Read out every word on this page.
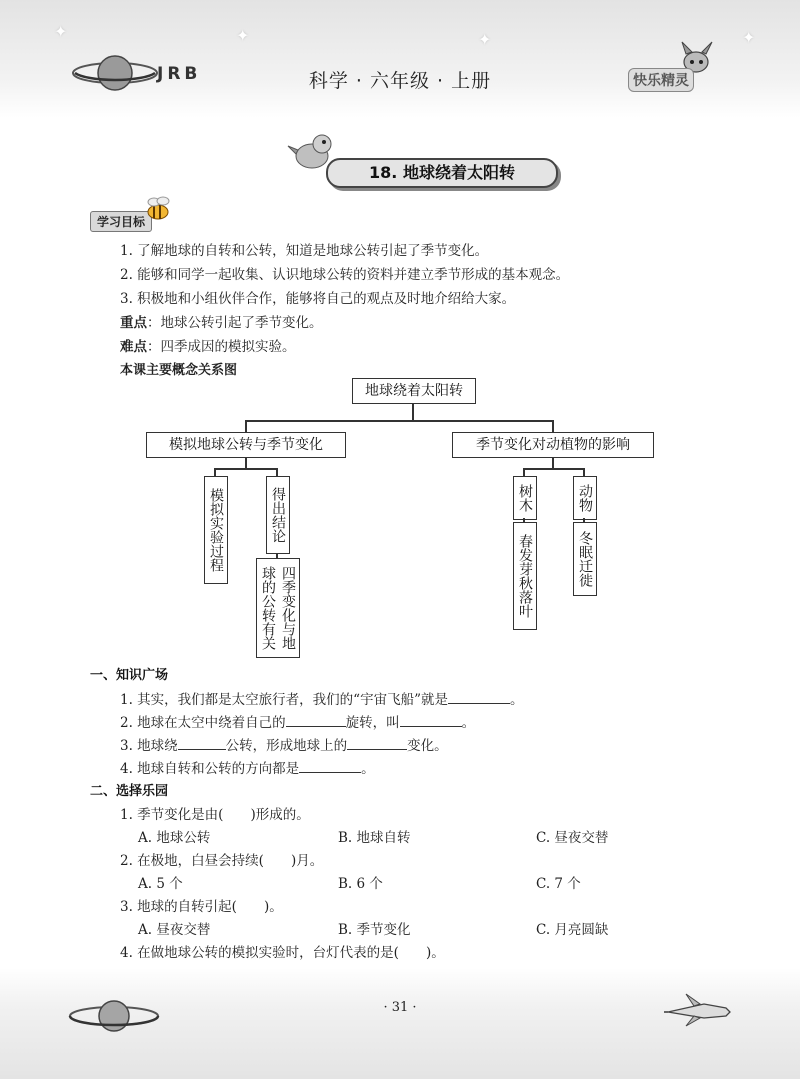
✦	✦	✦	✦
JRB	科学 · 六年级 · 上册	快乐精灵
18. 地球绕着太阳转
学习目标
1. 了解地球的自转和公转，知道是地球公转引起了季节变化。
2. 能够和同学一起收集、认识地球公转的资料并建立季节形成的基本观念。
3. 积极地和小组伙伴合作，能够将自己的观点及时地介绍给大家。
重点：地球公转引起了季节变化。
难点：四季成因的模拟实验。
本课主要概念关系图
地球绕着太阳转
模拟地球公转与季节变化	季节变化对动植物的影响
模拟实验过程	得出结论
四季变化与地球的公转有关
树木
春发芽秋落叶
动物
冬眠迁徙
一、知识广场
1. 其实，我们都是太空旅行者，我们的“宇宙飞船”就是	。
2. 地球在太空中绕着自己的	旋转，叫	。
3. 地球绕	公转，形成地球上的	变化。
4. 地球自转和公转的方向都是	。
二、选择乐园
1. 季节变化是由(　　)形成的。
A. 地球公转	B. 地球自转	C. 昼夜交替
2. 在极地，白昼会持续(　　)月。
A. 5 个	B. 6 个	C. 7 个
3. 地球的自转引起(　　)。
A. 昼夜交替	B. 季节变化	C. 月亮圆缺
4. 在做地球公转的模拟实验时，台灯代表的是(　　)。
· 31 ·
